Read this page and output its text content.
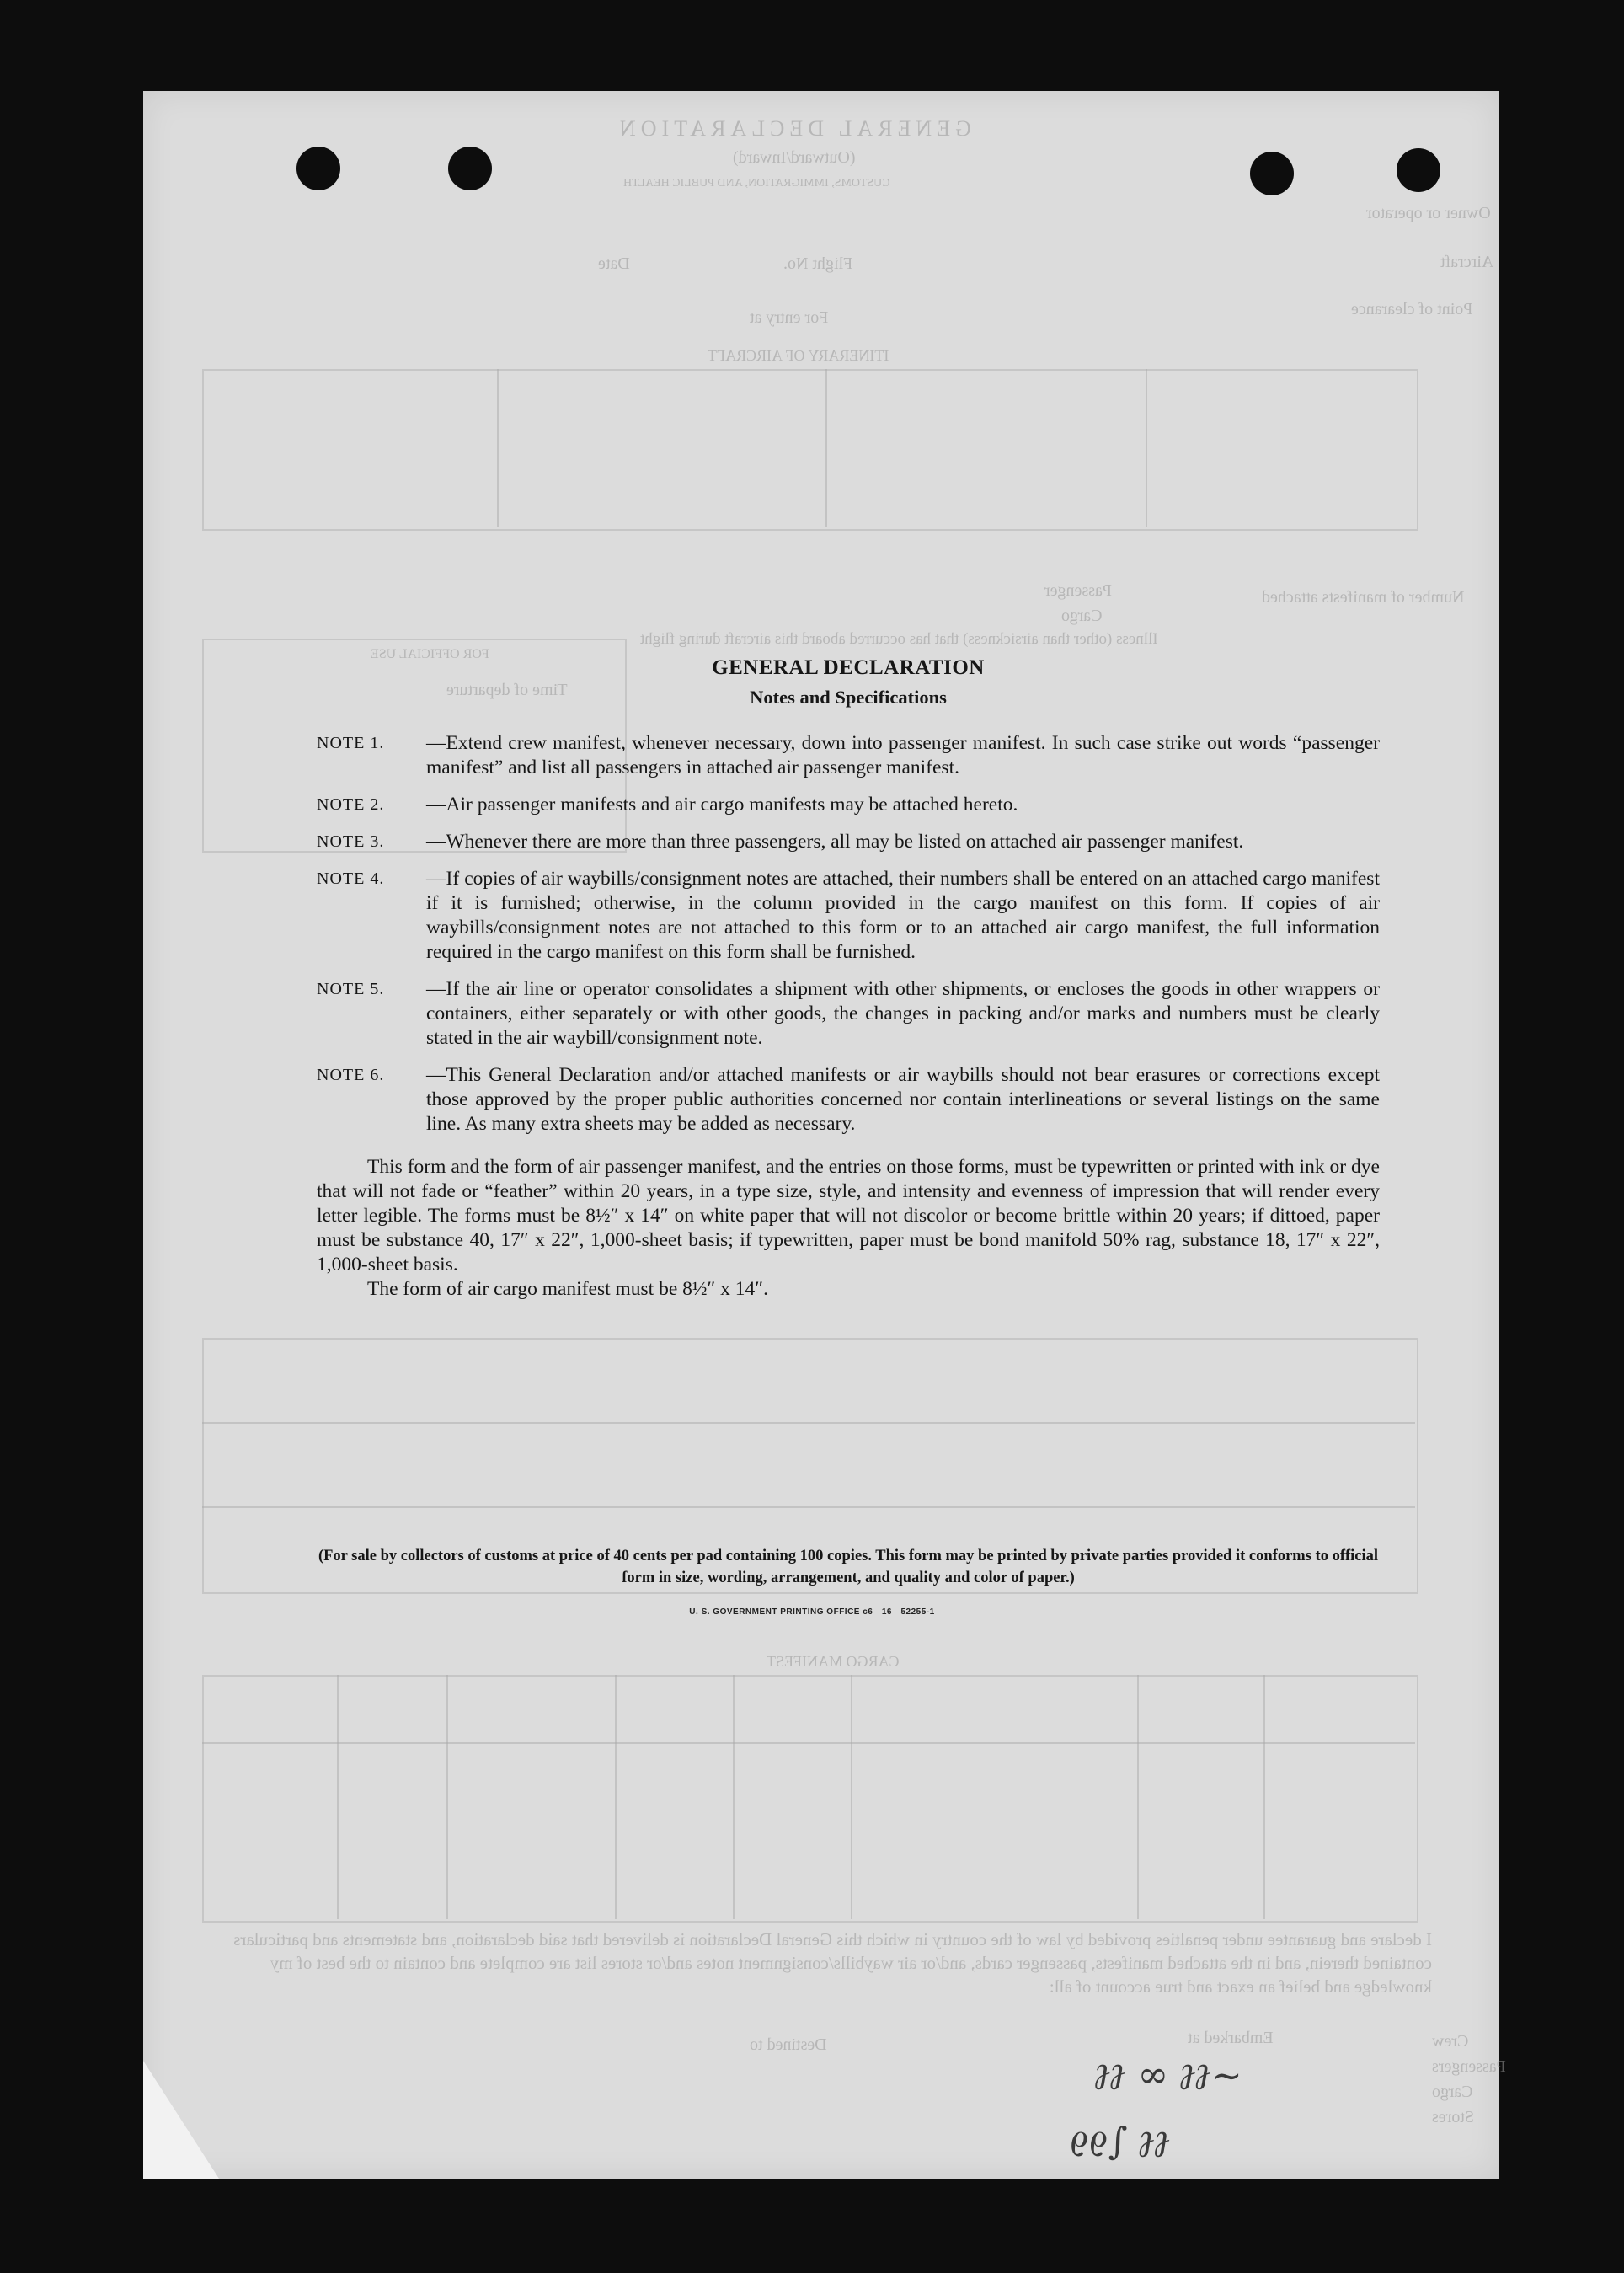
GENERAL DECLARATION
(Outward/Inward)
CUSTOMS, IMMIGRATION, AND PUBLIC HEALTH
Owner or operator
Aircraft
Flight No.
Date
Point of clearance
For entry at
ITINERARY OF AIRCRAFT
Number of manifests attached
Passenger
Cargo
Illness (other than airsickness) that has occurred aboard this aircraft during flight
FOR OFFICIAL USE
Time of departure
CARGO MANIFEST
I declare and guarantee under penalties provided by law of the country in which this General Declaration is delivered that said declaration, and statements and particulars contained therein, and in the attached manifests, passenger cards, and/or air waybills/consignment notes and/or stores list are complete and contain to the best of my knowledge and belief an exact and true account of all:
Crew
Passengers
Cargo
Stores
Embarked at
Destined to
GENERAL DECLARATION
Notes and Specifications
NOTE 1.	—Extend crew manifest, whenever necessary, down into passenger manifest. In such case strike out words “passenger manifest” and list all passengers in attached air passenger manifest.
NOTE 2.	—Air passenger manifests and air cargo manifests may be attached hereto.
NOTE 3.	—Whenever there are more than three passengers, all may be listed on attached air passenger manifest.
NOTE 4.	—If copies of air waybills/consignment notes are attached, their numbers shall be entered on an attached cargo manifest if it is furnished; otherwise, in the column provided in the cargo manifest on this form. If copies of air waybills/consignment notes are not attached to this form or to an attached air cargo manifest, the full information required in the cargo manifest on this form shall be furnished.
NOTE 5.	—If the air line or operator consolidates a shipment with other shipments, or encloses the goods in other wrappers or containers, either separately or with other goods, the changes in packing and/or marks and numbers must be clearly stated in the air waybill/consignment note.
NOTE 6.	—This General Declaration and/or attached manifests or air waybills should not bear erasures or corrections except those approved by the proper public authorities concerned nor contain interlineations or several listings on the same line. As many extra sheets may be added as necessary.
This form and the form of air passenger manifest, and the entries on those forms, must be typewritten or printed with ink or dye that will not fade or “feather” within 20 years, in a type size, style, and intensity and evenness of impression that will render every letter legible. The forms must be 8½″ x 14″ on white paper that will not discolor or become brittle within 20 years; if dittoed, paper must be substance 40, 17″ x 22″, 1,000-sheet basis; if typewritten, paper must be bond manifold 50% rag, substance 18, 17″ x 22″, 1,000-sheet basis.
The form of air cargo manifest must be 8½″ x 14″.
(For sale by collectors of customs at price of 40 cents per pad containing 100 copies. This form may be printed by private parties provided it conforms to official form in size, wording, arrangement, and quality and color of paper.)
U. S. GOVERNMENT PRINTING OFFICE c6—16—52255-1
~ℓℓ ∞ ℓℓ
ℓℓ ∫∂∂
